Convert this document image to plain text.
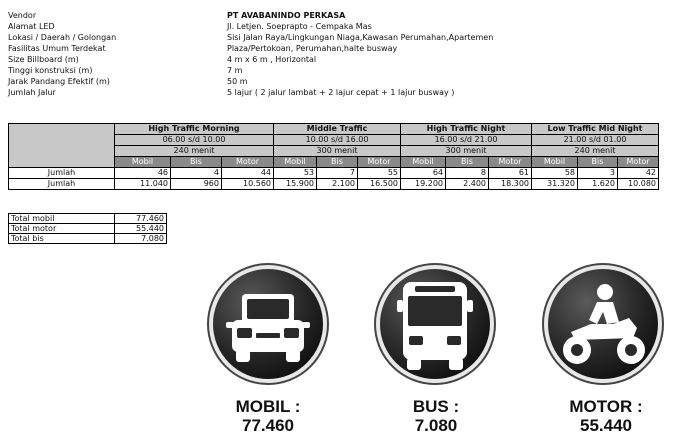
Vendor	PT AVABANINDO PERKASA
Alamat LED	Jl. Letjen. Soeprapto - Cempaka Mas
Lokasi / Daerah / Golongan	Sisi Jalan Raya/Lingkungan Niaga,Kawasan Perumahan,Apartemen
Fasilitas Umum Terdekat	Plaza/Pertokoan, Perumahan,halte busway
Size Billboard (m)	4 m x 6 m , Horizontal
Tinggi konstruksi (m)	7 m
Jarak Pandang Efektif (m)	50 m
Jumlah Jalur	5 lajur ( 2 jalur lambat + 2 lajur cepat + 1 lajur busway )
	High Traffic Morning			Middle Traffic			High Traffic Night			Low Traffic Mid Night		
	06.00 s/d 10.00			10.00 s/d 16.00			16.00 s/d 21.00			21.00 s/d 01.00		
	240 menit			300 menit			300 menit			240 menit		
	Mobil	Bis	Motor	Mobil	Bis	Motor	Mobil	Bis	Motor	Mobil	Bis	Motor
Jumlah	46	4	44	53	7	55	64	8	61	58	3	42
Jumlah	11.040	960	10.560	15.900	2.100	16.500	19.200	2.400	18.300	31.320	1.620	10.080
Total mobil	77.460
Total motor	55.440
Total bis	7.080
MOBIL :
77.460
BUS :
7.080
MOTOR :
55.440
